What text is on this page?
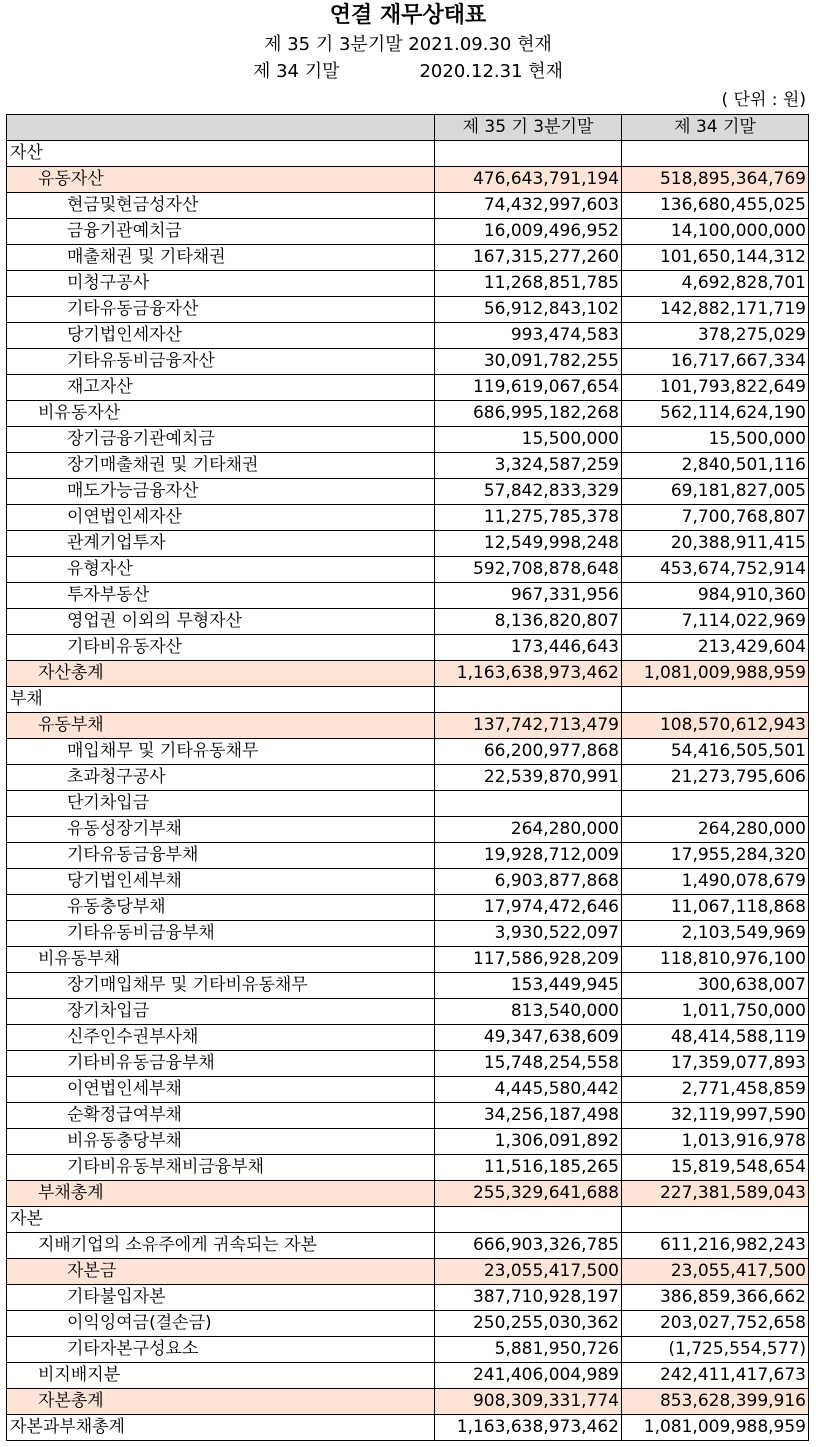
연결 재무상태표
제 35 기 3분기말 2021.09.30 현재
제 34 기말	2020.12.31 현재
( 단위 : 원)
	제 35 기 3분기말	제 34 기말
자산		
유동자산	476,643,791,194	518,895,364,769
현금및현금성자산	74,432,997,603	136,680,455,025
금융기관예치금	16,009,496,952	14,100,000,000
매출채권 및 기타채권	167,315,277,260	101,650,144,312
미청구공사	11,268,851,785	4,692,828,701
기타유동금융자산	56,912,843,102	142,882,171,719
당기법인세자산	993,474,583	378,275,029
기타유동비금융자산	30,091,782,255	16,717,667,334
재고자산	119,619,067,654	101,793,822,649
비유동자산	686,995,182,268	562,114,624,190
장기금융기관예치금	15,500,000	15,500,000
장기매출채권 및 기타채권	3,324,587,259	2,840,501,116
매도가능금융자산	57,842,833,329	69,181,827,005
이연법인세자산	11,275,785,378	7,700,768,807
관계기업투자	12,549,998,248	20,388,911,415
유형자산	592,708,878,648	453,674,752,914
투자부동산	967,331,956	984,910,360
영업권 이외의 무형자산	8,136,820,807	7,114,022,969
기타비유동자산	173,446,643	213,429,604
자산총계	1,163,638,973,462	1,081,009,988,959
부채		
유동부채	137,742,713,479	108,570,612,943
매입채무 및 기타유동채무	66,200,977,868	54,416,505,501
초과청구공사	22,539,870,991	21,273,795,606
단기차입금		
유동성장기부채	264,280,000	264,280,000
기타유동금융부채	19,928,712,009	17,955,284,320
당기법인세부채	6,903,877,868	1,490,078,679
유동충당부채	17,974,472,646	11,067,118,868
기타유동비금융부채	3,930,522,097	2,103,549,969
비유동부채	117,586,928,209	118,810,976,100
장기매입채무 및 기타비유동채무	153,449,945	300,638,007
장기차입금	813,540,000	1,011,750,000
신주인수권부사채	49,347,638,609	48,414,588,119
기타비유동금융부채	15,748,254,558	17,359,077,893
이연법인세부채	4,445,580,442	2,771,458,859
순확정급여부채	34,256,187,498	32,119,997,590
비유동충당부채	1,306,091,892	1,013,916,978
기타비유동부채비금융부채	11,516,185,265	15,819,548,654
부채총계	255,329,641,688	227,381,589,043
자본		
지배기업의 소유주에게 귀속되는 자본	666,903,326,785	611,216,982,243
자본금	23,055,417,500	23,055,417,500
기타불입자본	387,710,928,197	386,859,366,662
이익잉여금(결손금)	250,255,030,362	203,027,752,658
기타자본구성요소	5,881,950,726	(1,725,554,577)
비지배지분	241,406,004,989	242,411,417,673
자본총계	908,309,331,774	853,628,399,916
자본과부채총계	1,163,638,973,462	1,081,009,988,959
